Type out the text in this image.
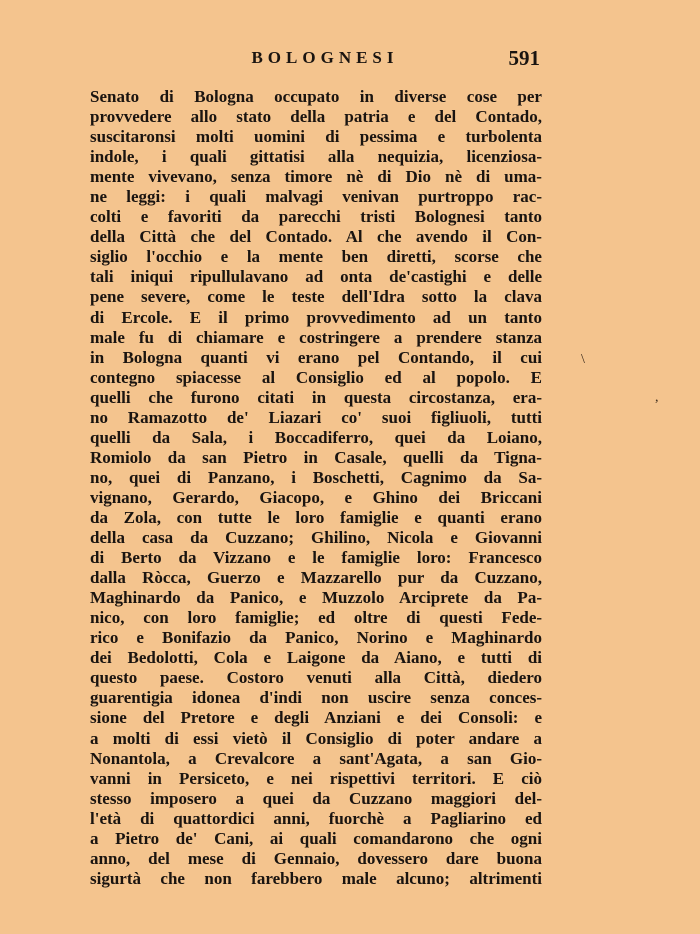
BOLOGNESI	591
Senato di Bologna occupato in diverse cose per
provvedere allo stato della patria e del Contado,
suscitaronsi molti uomini di pessima e turbolenta
indole, i quali gittatisi alla nequizia, licenziosa-
mente vivevano, senza timore nè di Dio nè di uma-
ne leggi: i quali malvagi venivan purtroppo rac-
colti e favoriti da parecchi tristi Bolognesi tanto
della Città che del Contado. Al che avendo il Con-
siglio l'occhio e la mente ben diretti, scorse che
tali iniqui ripullulavano ad onta de'castighi e delle
pene severe, come le teste dell'Idra sotto la clava
di Ercole. E il primo provvedimento ad un tanto
male fu di chiamare e costringere a prendere stanza
in Bologna quanti vi erano pel Contando, il cui
contegno spiacesse al Consiglio ed al popolo. E
quelli che furono citati in questa circostanza, era-
no Ramazotto de' Liazari co' suoi figliuoli, tutti
quelli da Sala, i Boccadiferro, quei da Loiano,
Romiolo da san Pietro in Casale, quelli da Tigna-
no, quei di Panzano, i Boschetti, Cagnimo da Sa-
vignano, Gerardo, Giacopo, e Ghino dei Briccani
da Zola, con tutte le loro famiglie e quanti erano
della casa da Cuzzano; Ghilino, Nicola e Giovanni
di Berto da Vizzano e le famiglie loro: Francesco
dalla Ròcca, Guerzo e Mazzarello pur da Cuzzano,
Maghinardo da Panico, e Muzzolo Arciprete da Pa-
nico, con loro famiglie; ed oltre di questi Fede-
rico e Bonifazio da Panico, Norino e Maghinardo
dei Bedolotti, Cola e Laigone da Aiano, e tutti di
questo paese. Costoro venuti alla Città, diedero
guarentigia idonea d'indi non uscire senza conces-
sione del Pretore e degli Anziani e dei Consoli: e
a molti di essi vietò il Consiglio di poter andare a
Nonantola, a Crevalcore a sant'Agata, a san Gio-
vanni in Persiceto, e nei rispettivi territori. E ciò
stesso imposero a quei da Cuzzano maggiori del-
l'età di quattordici anni, fuorchè a Pagliarino ed
a Pietro de' Cani, ai quali comandarono che ogni
anno, del mese di Gennaio, dovessero dare buona
sigurtà che non farebbero male alcuno; altrimenti
\
,
